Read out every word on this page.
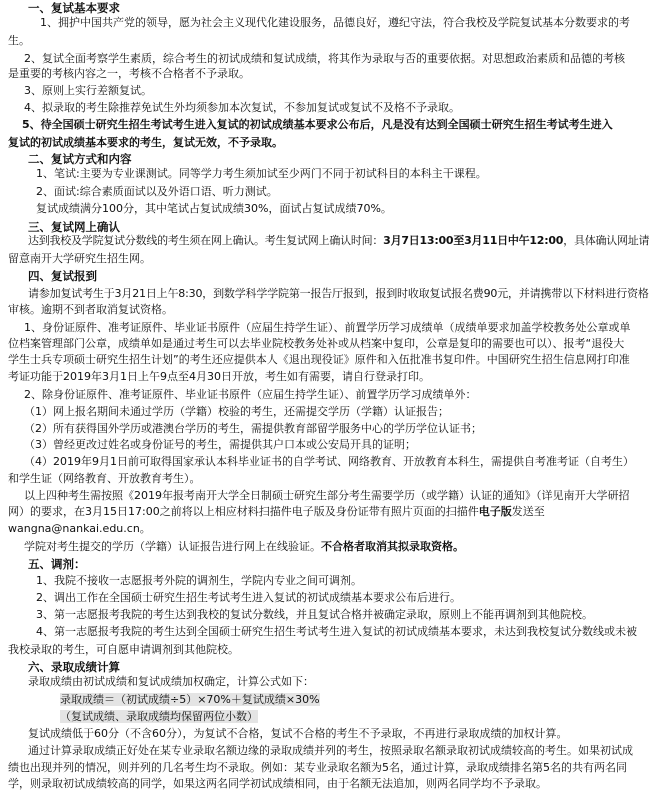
一、复试基本要求
1、拥护中国共产党的领导，愿为社会主义现代化建设服务，品德良好，遵纪守法，符合我校及学院复试基本分数要求的考
生。
2、复试全面考察学生素质，综合考生的初试成绩和复试成绩，将其作为录取与否的重要依据。对思想政治素质和品德的考核
是重要的考核内容之一，考核不合格者不予录取。
3、原则上实行差额复试。
4、拟录取的考生除推荐免试生外均须参加本次复试，不参加复试或复试不及格不予录取。
5、待全国硕士研究生招生考试考生进入复试的初试成绩基本要求公布后，凡是没有达到全国硕士研究生招生考试考生进入
复试的初试成绩基本要求的考生，复试无效，不予录取。
二、复试方式和内容
1、笔试:主要为专业课测试。同等学力考生须加试至少两门不同于初试科目的本科主干课程。
2、面试:综合素质面试以及外语口语、听力测试。
复试成绩满分100分，其中笔试占复试成绩30%，面试占复试成绩70%。
三、复试网上确认
达到我校及学院复试分数线的考生须在网上确认。考生复试网上确认时间：3月7日13:00至3月11日中午12:00，具体确认网址请
留意南开大学研究生招生网。
四、复试报到
请参加复试考生于3月21日上午8:30，到数学科学学院第一报告厅报到，报到时收取复试报名费90元，并请携带以下材料进行资格
审核。逾期不到者取消复试资格。
1、身份证原件、准考证原件、毕业证书原件（应届生持学生证）、前置学历学习成绩单（成绩单要求加盖学校教务处公章或单
位档案管理部门公章，成绩单如是通过考生可以去毕业院校教务处补或从档案中复印，公章是复印的需要也可以）、报考“退役大
学生士兵专项硕士研究生招生计划”的考生还应提供本人《退出现役证》原件和入伍批准书复印件。中国研究生招生信息网打印准
考证功能于2019年3月1日上午9点至4月30日开放，考生如有需要，请自行登录打印。
2、除身份证原件、准考证原件、毕业证书原件（应届生持学生证）、前置学历学习成绩单外：
（1）网上报名期间未通过学历（学籍）校验的考生，还需提交学历（学籍）认证报告；
（2）所有获得国外学历或港澳台学历的考生，需提供教育部留学服务中心的学历学位认证书；
（3）曾经更改过姓名或身份证号的考生，需提供其户口本或公安局开具的证明；
（4）2019年9月1日前可取得国家承认本科毕业证书的自学考试、网络教育、开放教育本科生，需提供自考准考证（自考生）
和学生证（网络教育、开放教育考生）。
以上四种考生需按照《2019年报考南开大学全日制硕士研究生部分考生需要学历（或学籍）认证的通知》（详见南开大学研招
网）的要求，在3月15日17:00之前将以上相应材料扫描件电子版及身份证带有照片页面的扫描件电子版发送至
wangna@nankai.edu.cn。
学院对考生提交的学历（学籍）认证报告进行网上在线验证。不合格者取消其拟录取资格。
五、调剂：
1、我院不接收一志愿报考外院的调剂生，学院内专业之间可调剂。
2、调出工作在全国硕士研究生招生考试考生进入复试的初试成绩基本要求公布后进行。
3、第一志愿报考我院的考生达到我校的复试分数线，并且复试合格并被确定录取，原则上不能再调剂到其他院校。
4、第一志愿报考我院的考生达到全国硕士研究生招生考试考生进入复试的初试成绩基本要求，未达到我校复试分数线或未被
我校录取的考生，可自愿申请调剂到其他院校。
六、录取成绩计算
录取成绩由初试成绩和复试成绩加权确定，计算公式如下：
录取成绩＝（初试成绩÷5）×70%＋复试成绩×30%
（复试成绩、录取成绩均保留两位小数）
复试成绩低于60分（不含60分），为复试不合格，复试不合格的考生不予录取，不再进行录取成绩的加权计算。
通过计算录取成绩正好处在某专业录取名额边缘的录取成绩并列的考生，按照录取名额录取初试成绩较高的考生。如果初试成
绩也出现并列的情况，则并列的几名考生均不录取。例如：某专业录取名额为5名，通过计算，录取成绩排名第5名的共有两名同
学，则录取初试成绩较高的同学，如果这两名同学初试成绩相同，由于名额无法追加，则两名同学均不予录取。
